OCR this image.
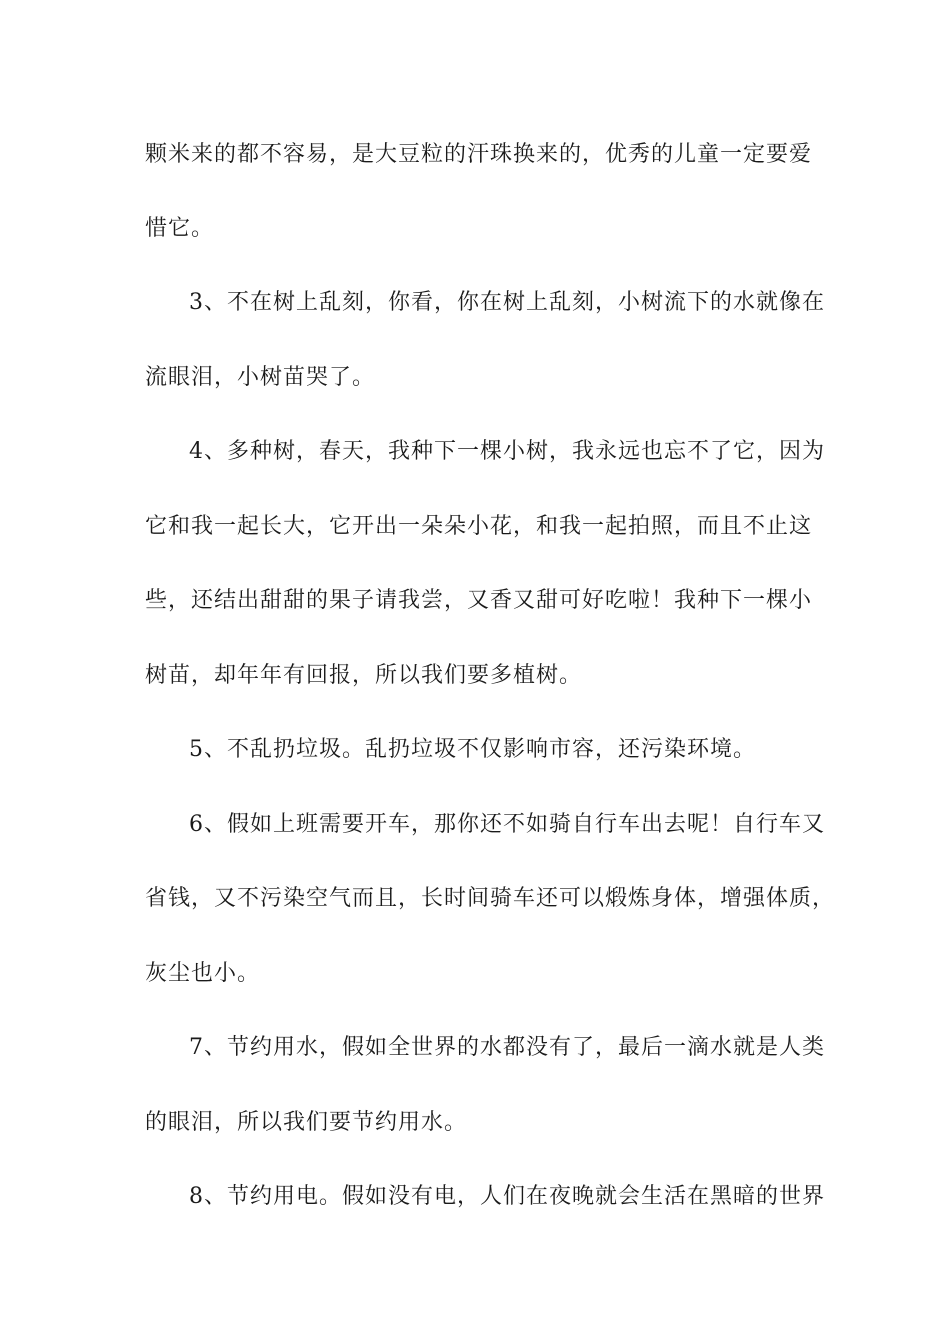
颗米来的都不容易，是大豆粒的汗珠换来的，优秀的儿童一定要爱
惜它。
3、不在树上乱刻，你看，你在树上乱刻，小树流下的水就像在
流眼泪，小树苗哭了。
4、多种树，春天，我种下一棵小树，我永远也忘不了它，因为
它和我一起长大，它开出一朵朵小花，和我一起拍照，而且不止这
些，还结出甜甜的果子请我尝，又香又甜可好吃啦！我种下一棵小
树苗，却年年有回报，所以我们要多植树。
5、不乱扔垃圾。乱扔垃圾不仅影响市容，还污染环境。
6、假如上班需要开车，那你还不如骑自行车出去呢！自行车又
省钱，又不污染空气而且，长时间骑车还可以煅炼身体，增强体质，
灰尘也小。
7、节约用水，假如全世界的水都没有了，最后一滴水就是人类
的眼泪，所以我们要节约用水。
8、节约用电。假如没有电，人们在夜晚就会生活在黑暗的世界
